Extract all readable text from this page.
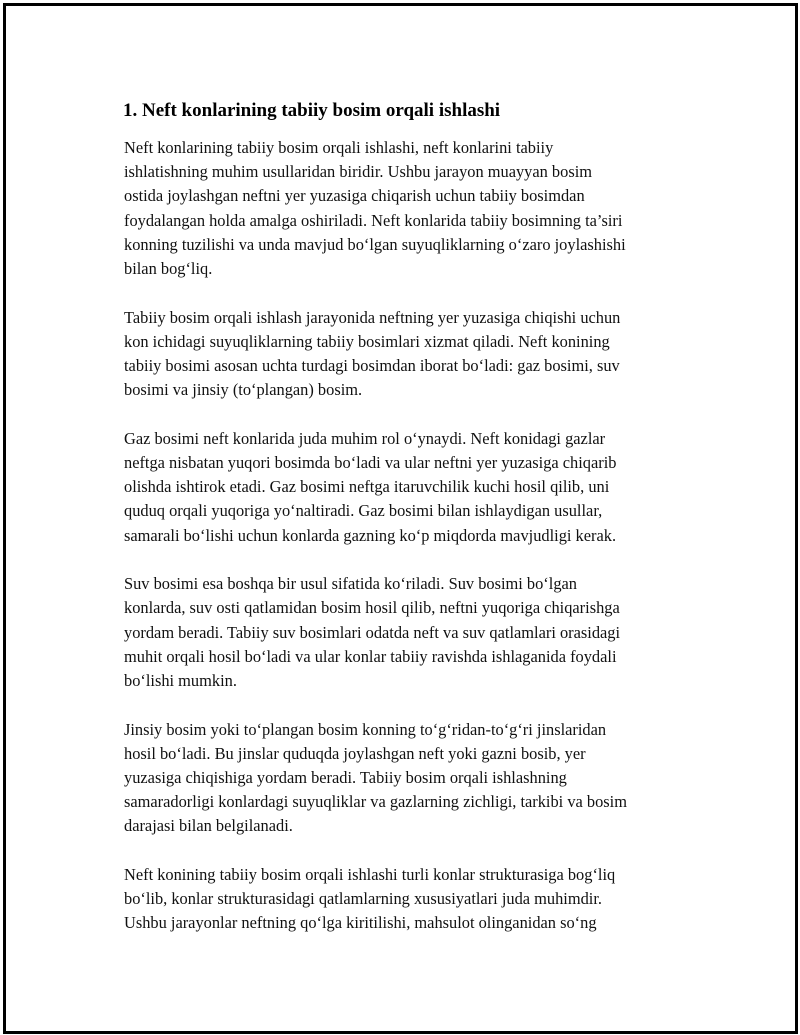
1. Neft konlarining tabiiy bosim orqali ishlashi

Neft konlarining tabiiy bosim orqali ishlashi, neft konlarini tabiiy
ishlatishning muhim usullaridan biridir. Ushbu jarayon muayyan bosim
ostida joylashgan neftni yer yuzasiga chiqarish uchun tabiiy bosimdan
foydalangan holda amalga oshiriladi. Neft konlarida tabiiy bosimning ta’siri
konning tuzilishi va unda mavjud bo‘lgan suyuqliklarning o‘zaro joylashishi
bilan bog‘liq.

Tabiiy bosim orqali ishlash jarayonida neftning yer yuzasiga chiqishi uchun
kon ichidagi suyuqliklarning tabiiy bosimlari xizmat qiladi. Neft konining
tabiiy bosimi asosan uchta turdagi bosimdan iborat bo‘ladi: gaz bosimi, suv
bosimi va jinsiy (to‘plangan) bosim.

Gaz bosimi neft konlarida juda muhim rol o‘ynaydi. Neft konidagi gazlar
neftga nisbatan yuqori bosimda bo‘ladi va ular neftni yer yuzasiga chiqarib
olishda ishtirok etadi. Gaz bosimi neftga itaruvchilik kuchi hosil qilib, uni
quduq orqali yuqoriga yo‘naltiradi. Gaz bosimi bilan ishlaydigan usullar,
samarali bo‘lishi uchun konlarda gazning ko‘p miqdorda mavjudligi kerak.

Suv bosimi esa boshqa bir usul sifatida ko‘riladi. Suv bosimi bo‘lgan
konlarda, suv osti qatlamidan bosim hosil qilib, neftni yuqoriga chiqarishga
yordam beradi. Tabiiy suv bosimlari odatda neft va suv qatlamlari orasidagi
muhit orqali hosil bo‘ladi va ular konlar tabiiy ravishda ishlaganida foydali
bo‘lishi mumkin.

Jinsiy bosim yoki to‘plangan bosim konning to‘g‘ridan-to‘g‘ri jinslaridan
hosil bo‘ladi. Bu jinslar quduqda joylashgan neft yoki gazni bosib, yer
yuzasiga chiqishiga yordam beradi. Tabiiy bosim orqali ishlashning
samaradorligi konlardagi suyuqliklar va gazlarning zichligi, tarkibi va bosim
darajasi bilan belgilanadi.

Neft konining tabiiy bosim orqali ishlashi turli konlar strukturasiga bog‘liq
bo‘lib, konlar strukturasidagi qatlamlarning xususiyatlari juda muhimdir.
Ushbu jarayonlar neftning qo‘lga kiritilishi, mahsulot olinganidan so‘ng
